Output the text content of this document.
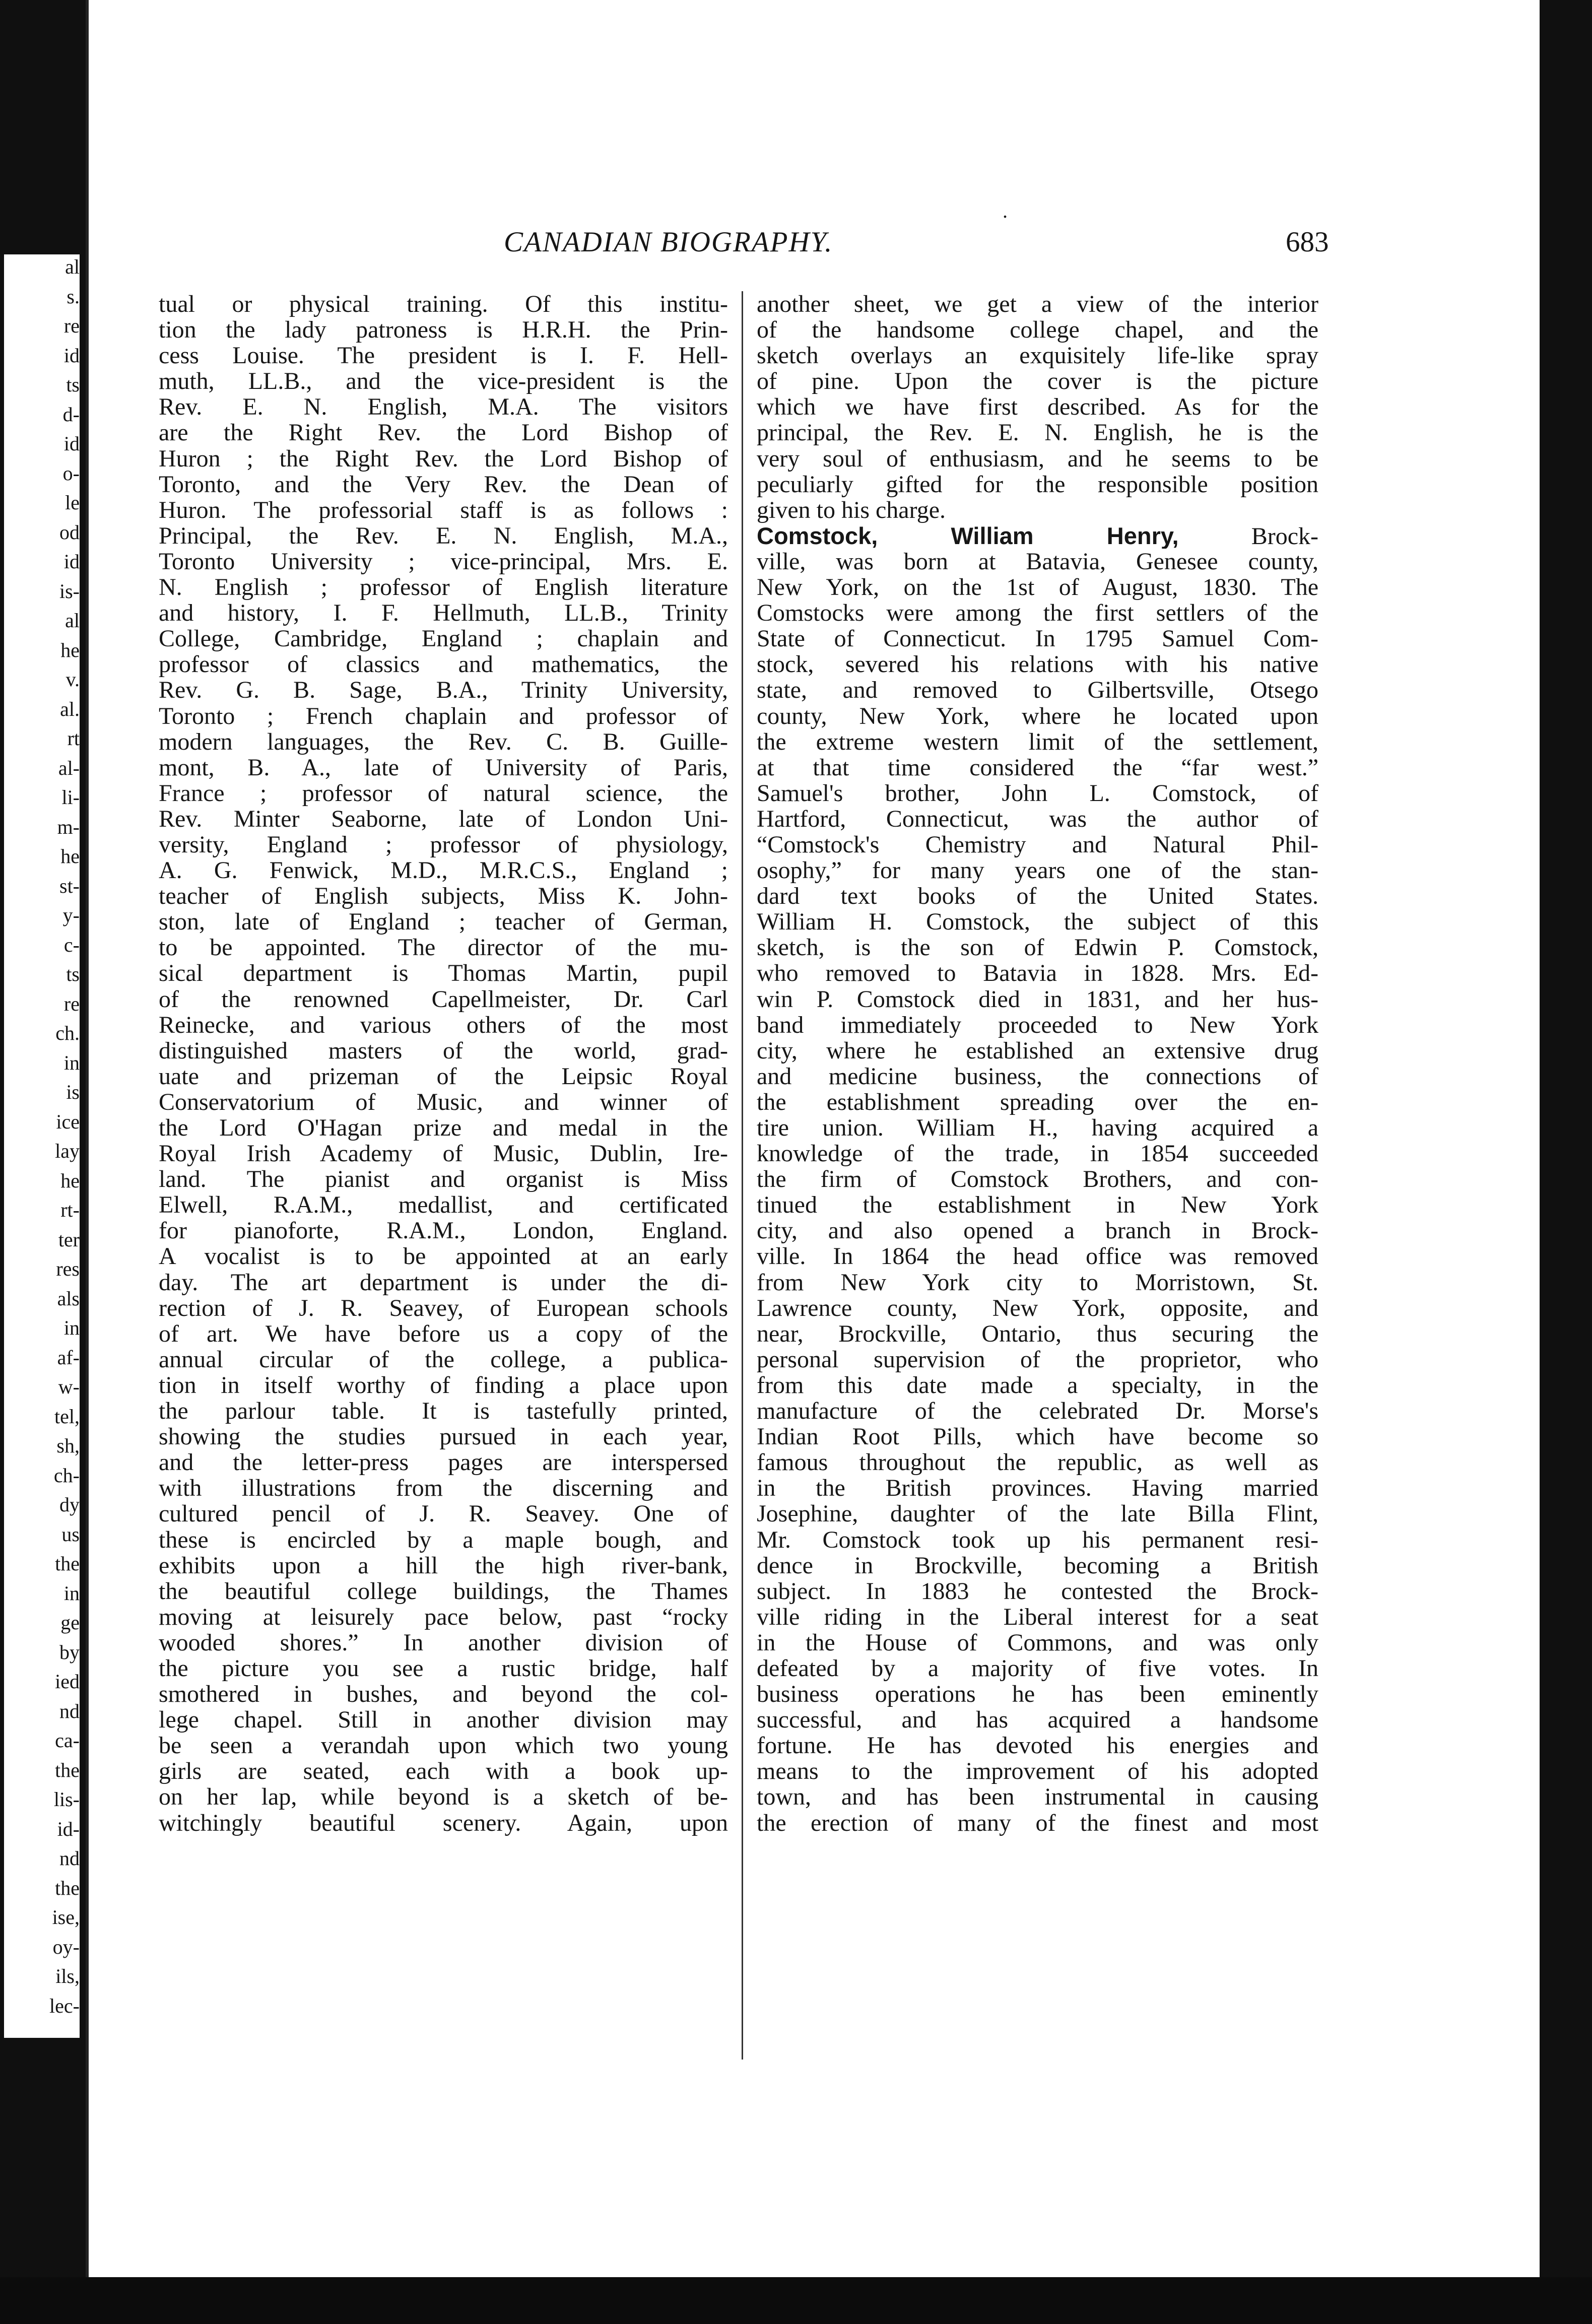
al
s.
re
id
ts
d-
id
o-
le
od
id
is-
al
he
v.
al.
rt
al-
li-
m-
he
st-
y-
c-
ts
re
ch.
in
is
ice
lay
he
rt-
ter
res
als
in
af-
w-
tel,
sh,
ch-
dy
us
the
in
ge
by
ied
nd
ca-
the
lis-
id-
nd
the
ise,
oy-
ils,
lec-
.
CANADIAN BIOGRAPHY.	683
tual or physical training. Of this institu-
tion the lady patroness is H.R.H. the Prin-
cess Louise. The president is I. F. Hell-
muth, LL.B., and the vice-president is the
Rev. E. N. English, M.A. The visitors
are the Right Rev. the Lord Bishop of
Huron ; the Right Rev. the Lord Bishop of
Toronto, and the Very Rev. the Dean of
Huron. The professorial staff is as follows :
Principal, the Rev. E. N. English, M.A.,
Toronto University ; vice-principal, Mrs. E.
N. English ; professor of English literature
and history, I. F. Hellmuth, LL.B., Trinity
College, Cambridge, England ; chaplain and
professor of classics and mathematics, the
Rev. G. B. Sage, B.A., Trinity University,
Toronto ; French chaplain and professor of
modern languages, the Rev. C. B. Guille-
mont, B. A., late of University of Paris,
France ; professor of natural science, the
Rev. Minter Seaborne, late of London Uni-
versity, England ; professor of physiology,
A. G. Fenwick, M.D., M.R.C.S., England ;
teacher of English subjects, Miss K. John-
ston, late of England ; teacher of German,
to be appointed. The director of the mu-
sical department is Thomas Martin, pupil
of the renowned Capellmeister, Dr. Carl
Reinecke, and various others of the most
distinguished masters of the world, grad-
uate and prizeman of the Leipsic Royal
Conservatorium of Music, and winner of
the Lord O'Hagan prize and medal in the
Royal Irish Academy of Music, Dublin, Ire-
land. The pianist and organist is Miss
Elwell, R.A.M., medallist, and certificated
for pianoforte, R.A.M., London, England.
A vocalist is to be appointed at an early
day. The art department is under the di-
rection of J. R. Seavey, of European schools
of art. We have before us a copy of the
annual circular of the college, a publica-
tion in itself worthy of finding a place upon
the parlour table. It is tastefully printed,
showing the studies pursued in each year,
and the letter-press pages are interspersed
with illustrations from the discerning and
cultured pencil of J. R. Seavey. One of
these is encircled by a maple bough, and
exhibits upon a hill the high river-bank,
the beautiful college buildings, the Thames
moving at leisurely pace below, past “rocky
wooded shores.” In another division of
the picture you see a rustic bridge, half
smothered in bushes, and beyond the col-
lege chapel. Still in another division may
be seen a verandah upon which two young
girls are seated, each with a book up-
on her lap, while beyond is a sketch of be-
witchingly beautiful scenery. Again, upon
another sheet, we get a view of the interior
of the handsome college chapel, and the
sketch overlays an exquisitely life-like spray
of pine. Upon the cover is the picture
which we have first described. As for the
principal, the Rev. E. N. English, he is the
very soul of enthusiasm, and he seems to be
peculiarly gifted for the responsible position
given to his charge.
Comstock, William Henry, Brock-
ville, was born at Batavia, Genesee county,
New York, on the 1st of August, 1830. The
Comstocks were among the first settlers of the
State of Connecticut. In 1795 Samuel Com-
stock, severed his relations with his native
state, and removed to Gilbertsville, Otsego
county, New York, where he located upon
the extreme western limit of the settlement,
at that time considered the “far west.”
Samuel's brother, John L. Comstock, of
Hartford, Connecticut, was the author of
“Comstock's Chemistry and Natural Phil-
osophy,” for many years one of the stan-
dard text books of the United States.
William H. Comstock, the subject of this
sketch, is the son of Edwin P. Comstock,
who removed to Batavia in 1828. Mrs. Ed-
win P. Comstock died in 1831, and her hus-
band immediately proceeded to New York
city, where he established an extensive drug
and medicine business, the connections of
the establishment spreading over the en-
tire union. William H., having acquired a
knowledge of the trade, in 1854 succeeded
the firm of Comstock Brothers, and con-
tinued the establishment in New York
city, and also opened a branch in Brock-
ville. In 1864 the head office was removed
from New York city to Morristown, St.
Lawrence county, New York, opposite, and
near, Brockville, Ontario, thus securing the
personal supervision of the proprietor, who
from this date made a specialty, in the
manufacture of the celebrated Dr. Morse's
Indian Root Pills, which have become so
famous throughout the republic, as well as
in the British provinces. Having married
Josephine, daughter of the late Billa Flint,
Mr. Comstock took up his permanent resi-
dence in Brockville, becoming a British
subject. In 1883 he contested the Brock-
ville riding in the Liberal interest for a seat
in the House of Commons, and was only
defeated by a majority of five votes. In
business operations he has been eminently
successful, and has acquired a handsome
fortune. He has devoted his energies and
means to the improvement of his adopted
town, and has been instrumental in causing
the erection of many of the finest and most
